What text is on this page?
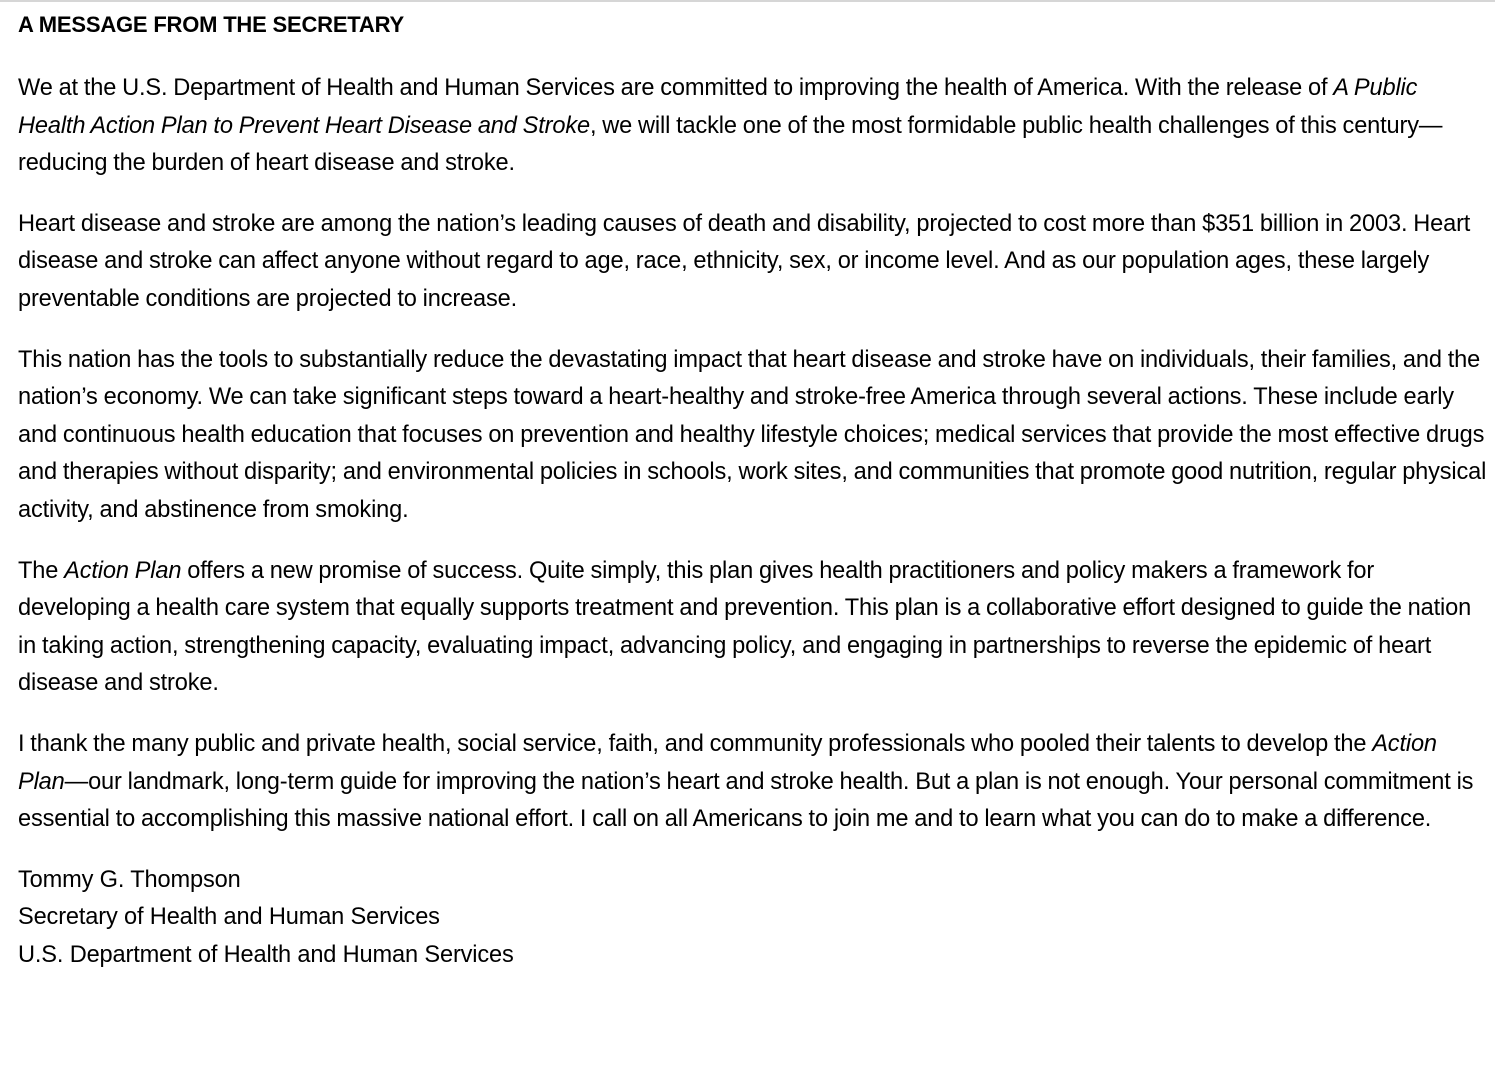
A MESSAGE FROM THE SECRETARY

We at the U.S. Department of Health and Human Services are committed to improving the health of America. With the release of A Public Health Action Plan to Prevent Heart Disease and Stroke, we will tackle one of the most formidable public health challenges of this century—reducing the burden of heart disease and stroke.

Heart disease and stroke are among the nation’s leading causes of death and disability, projected to cost more than $351 billion in 2003. Heart disease and stroke can affect anyone without regard to age, race, ethnicity, sex, or income level. And as our population ages, these largely preventable conditions are projected to increase.

This nation has the tools to substantially reduce the devastating impact that heart disease and stroke have on individuals, their families, and the nation’s economy. We can take significant steps toward a heart-healthy and stroke-free America through several actions. These include early and continuous health education that focuses on prevention and healthy lifestyle choices; medical services that provide the most effective drugs and therapies without disparity; and environmental policies in schools, work sites, and communities that promote good nutrition, regular physical activity, and abstinence from smoking.

The Action Plan offers a new promise of success. Quite simply, this plan gives health practitioners and policy makers a framework for developing a health care system that equally supports treatment and prevention. This plan is a collaborative effort designed to guide the nation in taking action, strengthening capacity, evaluating impact, advancing policy, and engaging in partnerships to reverse the epidemic of heart disease and stroke.

I thank the many public and private health, social service, faith, and community professionals who pooled their talents to develop the Action Plan—our landmark, long-term guide for improving the nation’s heart and stroke health. But a plan is not enough. Your personal commitment is essential to accomplishing this massive national effort. I call on all Americans to join me and to learn what you can do to make a difference.

Tommy G. Thompson
Secretary of Health and Human Services
U.S. Department of Health and Human Services
